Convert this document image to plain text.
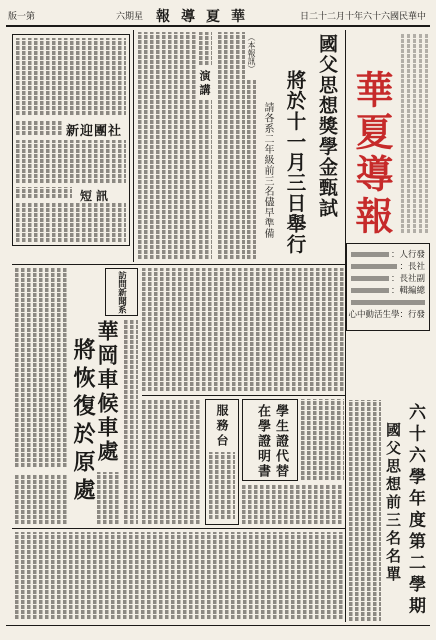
第一版	星期六 華夏導報	中華民國六十六年十月二十二日
華夏導報
發行人：
社長：
副社長：
總編輯：
發行：學生活動中心
六十六學年度第二學期
國父思想前三名名單
國父思想獎學金甄試
將於十一月三日舉行
請各系二年級前三名儘早準備
（本報訊）
演講
社團迎新
短訊
訪問新聞系
華岡車候車處
將恢復於原處	服務台	學生證代替在學證明書
